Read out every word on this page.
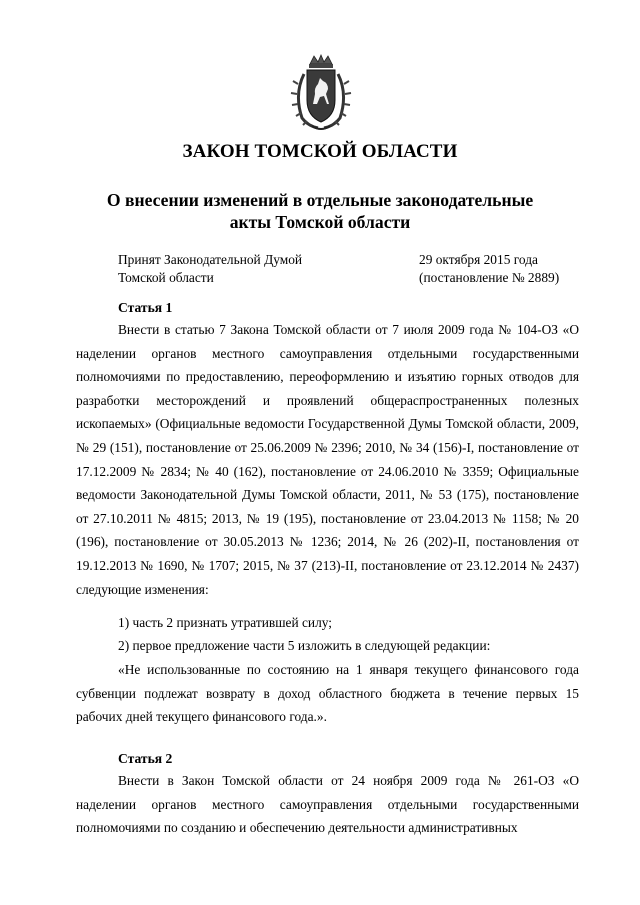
ЗАКОН ТОМСКОЙ ОБЛАСТИ
О внесении изменений в отдельные законодательные
акты Томской области
Принят Законодательной Думой
Томской области
29 октября 2015 года
(постановление № 2889)
Статья 1

Внести в статью 7 Закона Томской области от 7 июля 2009 года № 104-ОЗ «О наделении органов местного самоуправления отдельными государственными полномочиями по предоставлению, переоформлению и изъятию горных отводов для разработки месторождений и проявлений общераспространенных полезных ископаемых» (Официальные ведомости Государственной Думы Томской области, 2009, № 29 (151), постановление от 25.06.2009 № 2396; 2010, № 34 (156)-I, постановление от 17.12.2009 № 2834; № 40 (162), постановление от 24.06.2010 № 3359; Официальные ведомости Законодательной Думы Томской области, 2011, № 53 (175), постановление от 27.10.2011 № 4815; 2013, № 19 (195), постановление от 23.04.2013 № 1158; № 20 (196), постановление от 30.05.2013 № 1236; 2014, № 26 (202)-II, постановления от 19.12.2013 № 1690, № 1707; 2015, № 37 (213)-II, постановление от 23.12.2014 № 2437) следующие изменения:

1) часть 2 признать утратившей силу;
2) первое предложение части 5 изложить в следующей редакции:

«Не использованные по состоянию на 1 января текущего финансового года субвенции подлежат возврату в доход областного бюджета в течение первых 15 рабочих дней текущего финансового года.».

Статья 2

Внести в Закон Томской области от 24 ноября 2009 года № 261-ОЗ «О наделении органов местного самоуправления отдельными государственными полномочиями по созданию и обеспечению деятельности административных
